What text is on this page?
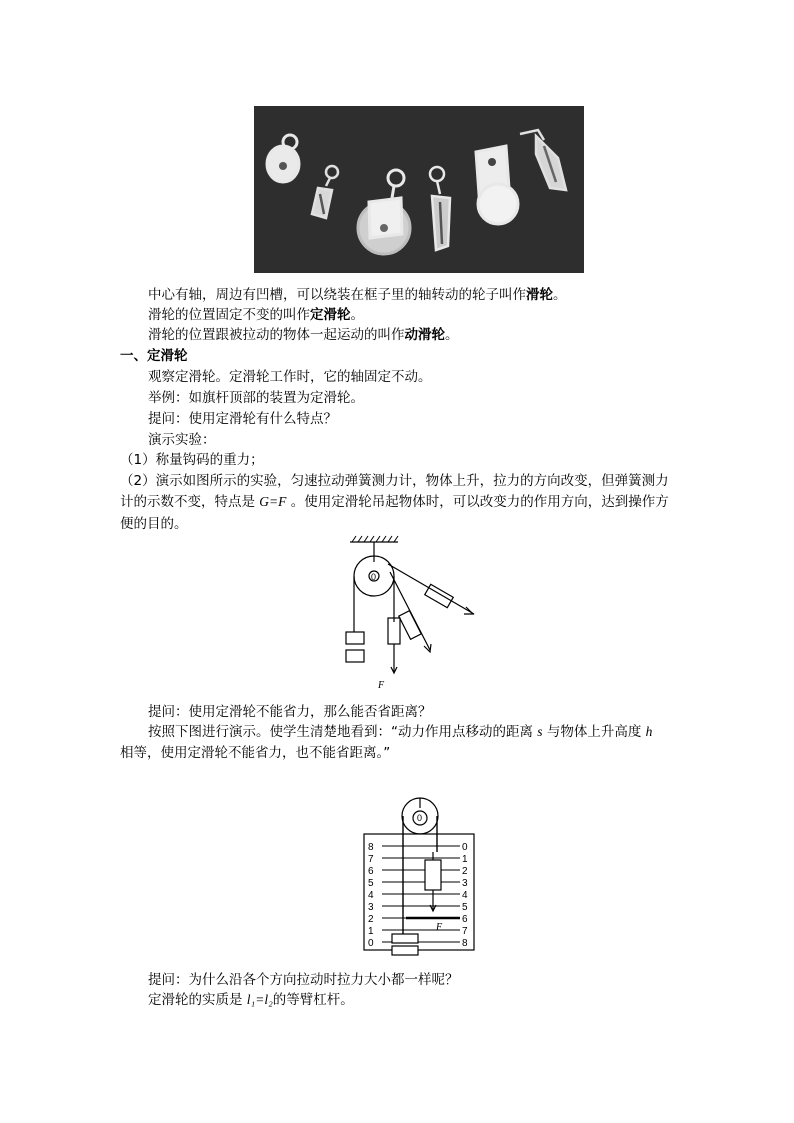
中心有轴，周边有凹槽，可以绕装在框子里的轴转动的轮子叫作滑轮。
滑轮的位置固定不变的叫作定滑轮。
滑轮的位置跟被拉动的物体一起运动的叫作动滑轮。
一、定滑轮
观察定滑轮。定滑轮工作时，它的轴固定不动。
举例：如旗杆顶部的装置为定滑轮。
提问：使用定滑轮有什么特点？
演示实验：
（1）称量钩码的重力；
（2）演示如图所示的实验，匀速拉动弹簧测力计，物体上升，拉力的方向改变，但弹簧测力
计的示数不变，特点是 G=F 。使用定滑轮吊起物体时，可以改变力的作用方向，达到操作方
便的目的。
0
F
提问：使用定滑轮不能省力，那么能否省距离？
按照下图进行演示。使学生清楚地看到：“动力作用点移动的距离 s 与物体上升高度 h
相等，使用定滑轮不能省力，也不能省距离。”
0
8
7
6
5
4
3
2
1
0
0
1
2
3
4
5
6
7
8
F
提问：为什么沿各个方向拉动时拉力大小都一样呢？
定滑轮的实质是 l₁=l₂的等臂杠杆。
